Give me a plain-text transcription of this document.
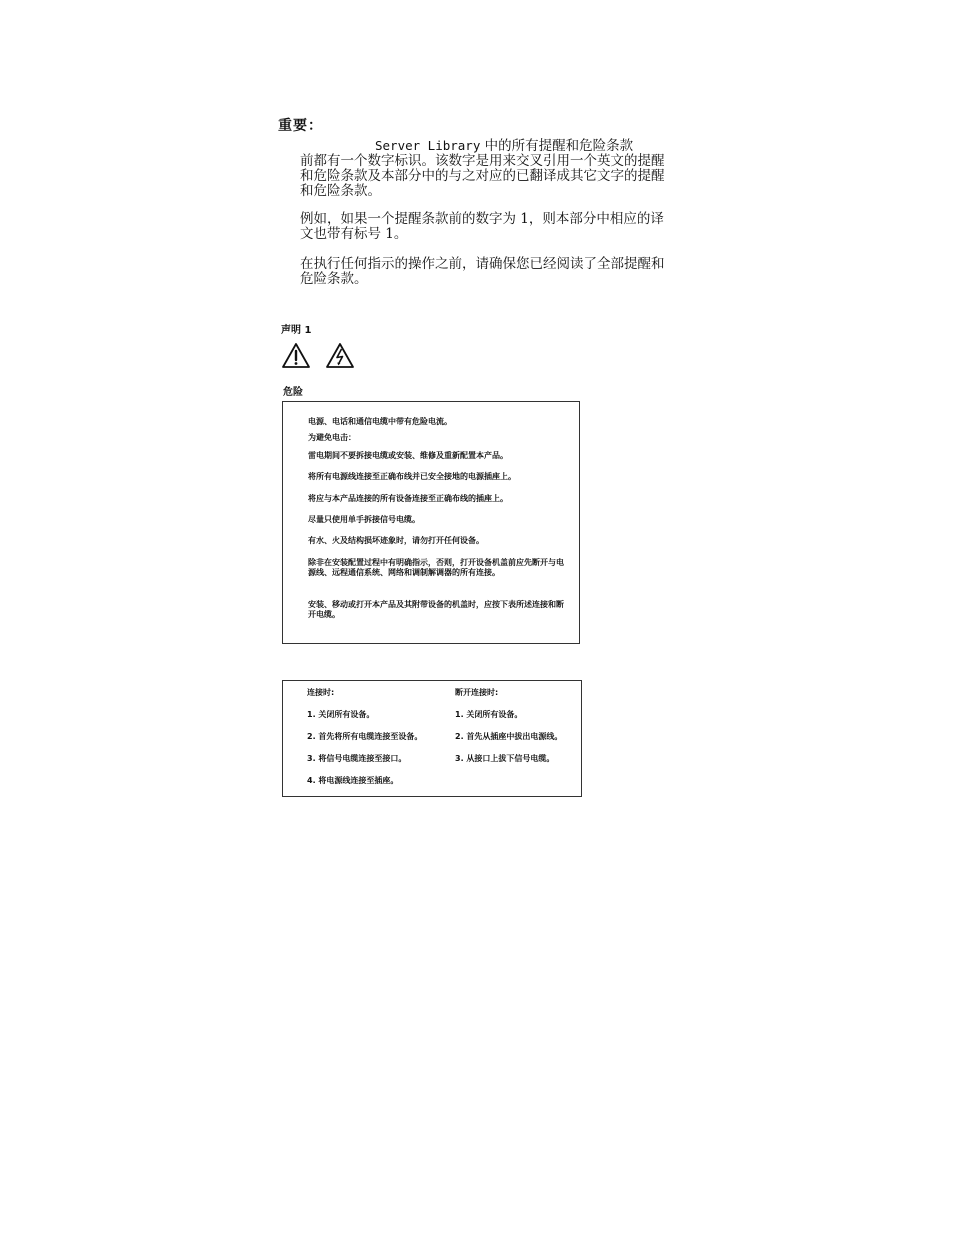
重要：

Server Library 中的所有提醒和危险条款
前都有一个数字标识。该数字是用来交叉引用一个英文的提醒和危险条款及本部分中的与之对应的已翻译成其它文字的提醒和危险条款。

例如，如果一个提醒条款前的数字为 1，则本部分中相应的译文也带有标号 1。

在执行任何指示的操作之前，请确保您已经阅读了全部提醒和危险条款。

声明 1

危险

电源、电话和通信电缆中带有危险电流。

为避免电击：

雷电期间不要拆接电缆或安装、维修及重新配置本产品。

将所有电源线连接至正确布线并已安全接地的电源插座上。

将应与本产品连接的所有设备连接至正确布线的插座上。

尽量只使用单手拆接信号电缆。

有水、火及结构损坏迹象时，请勿打开任何设备。

除非在安装配置过程中有明确指示，否则，打开设备机盖前应先断开与电源线、远程通信系统、网络和调制解调器的所有连接。

安装、移动或打开本产品及其附带设备的机盖时，应按下表所述连接和断开电缆。

连接时:	断开连接时:

1. 关闭所有设备。	1. 关闭所有设备。

2. 首先将所有电缆连接至设备。	2. 首先从插座中拔出电源线。

3. 将信号电缆连接至接口。	3. 从接口上拔下信号电缆。

4. 将电源线连接至插座。
